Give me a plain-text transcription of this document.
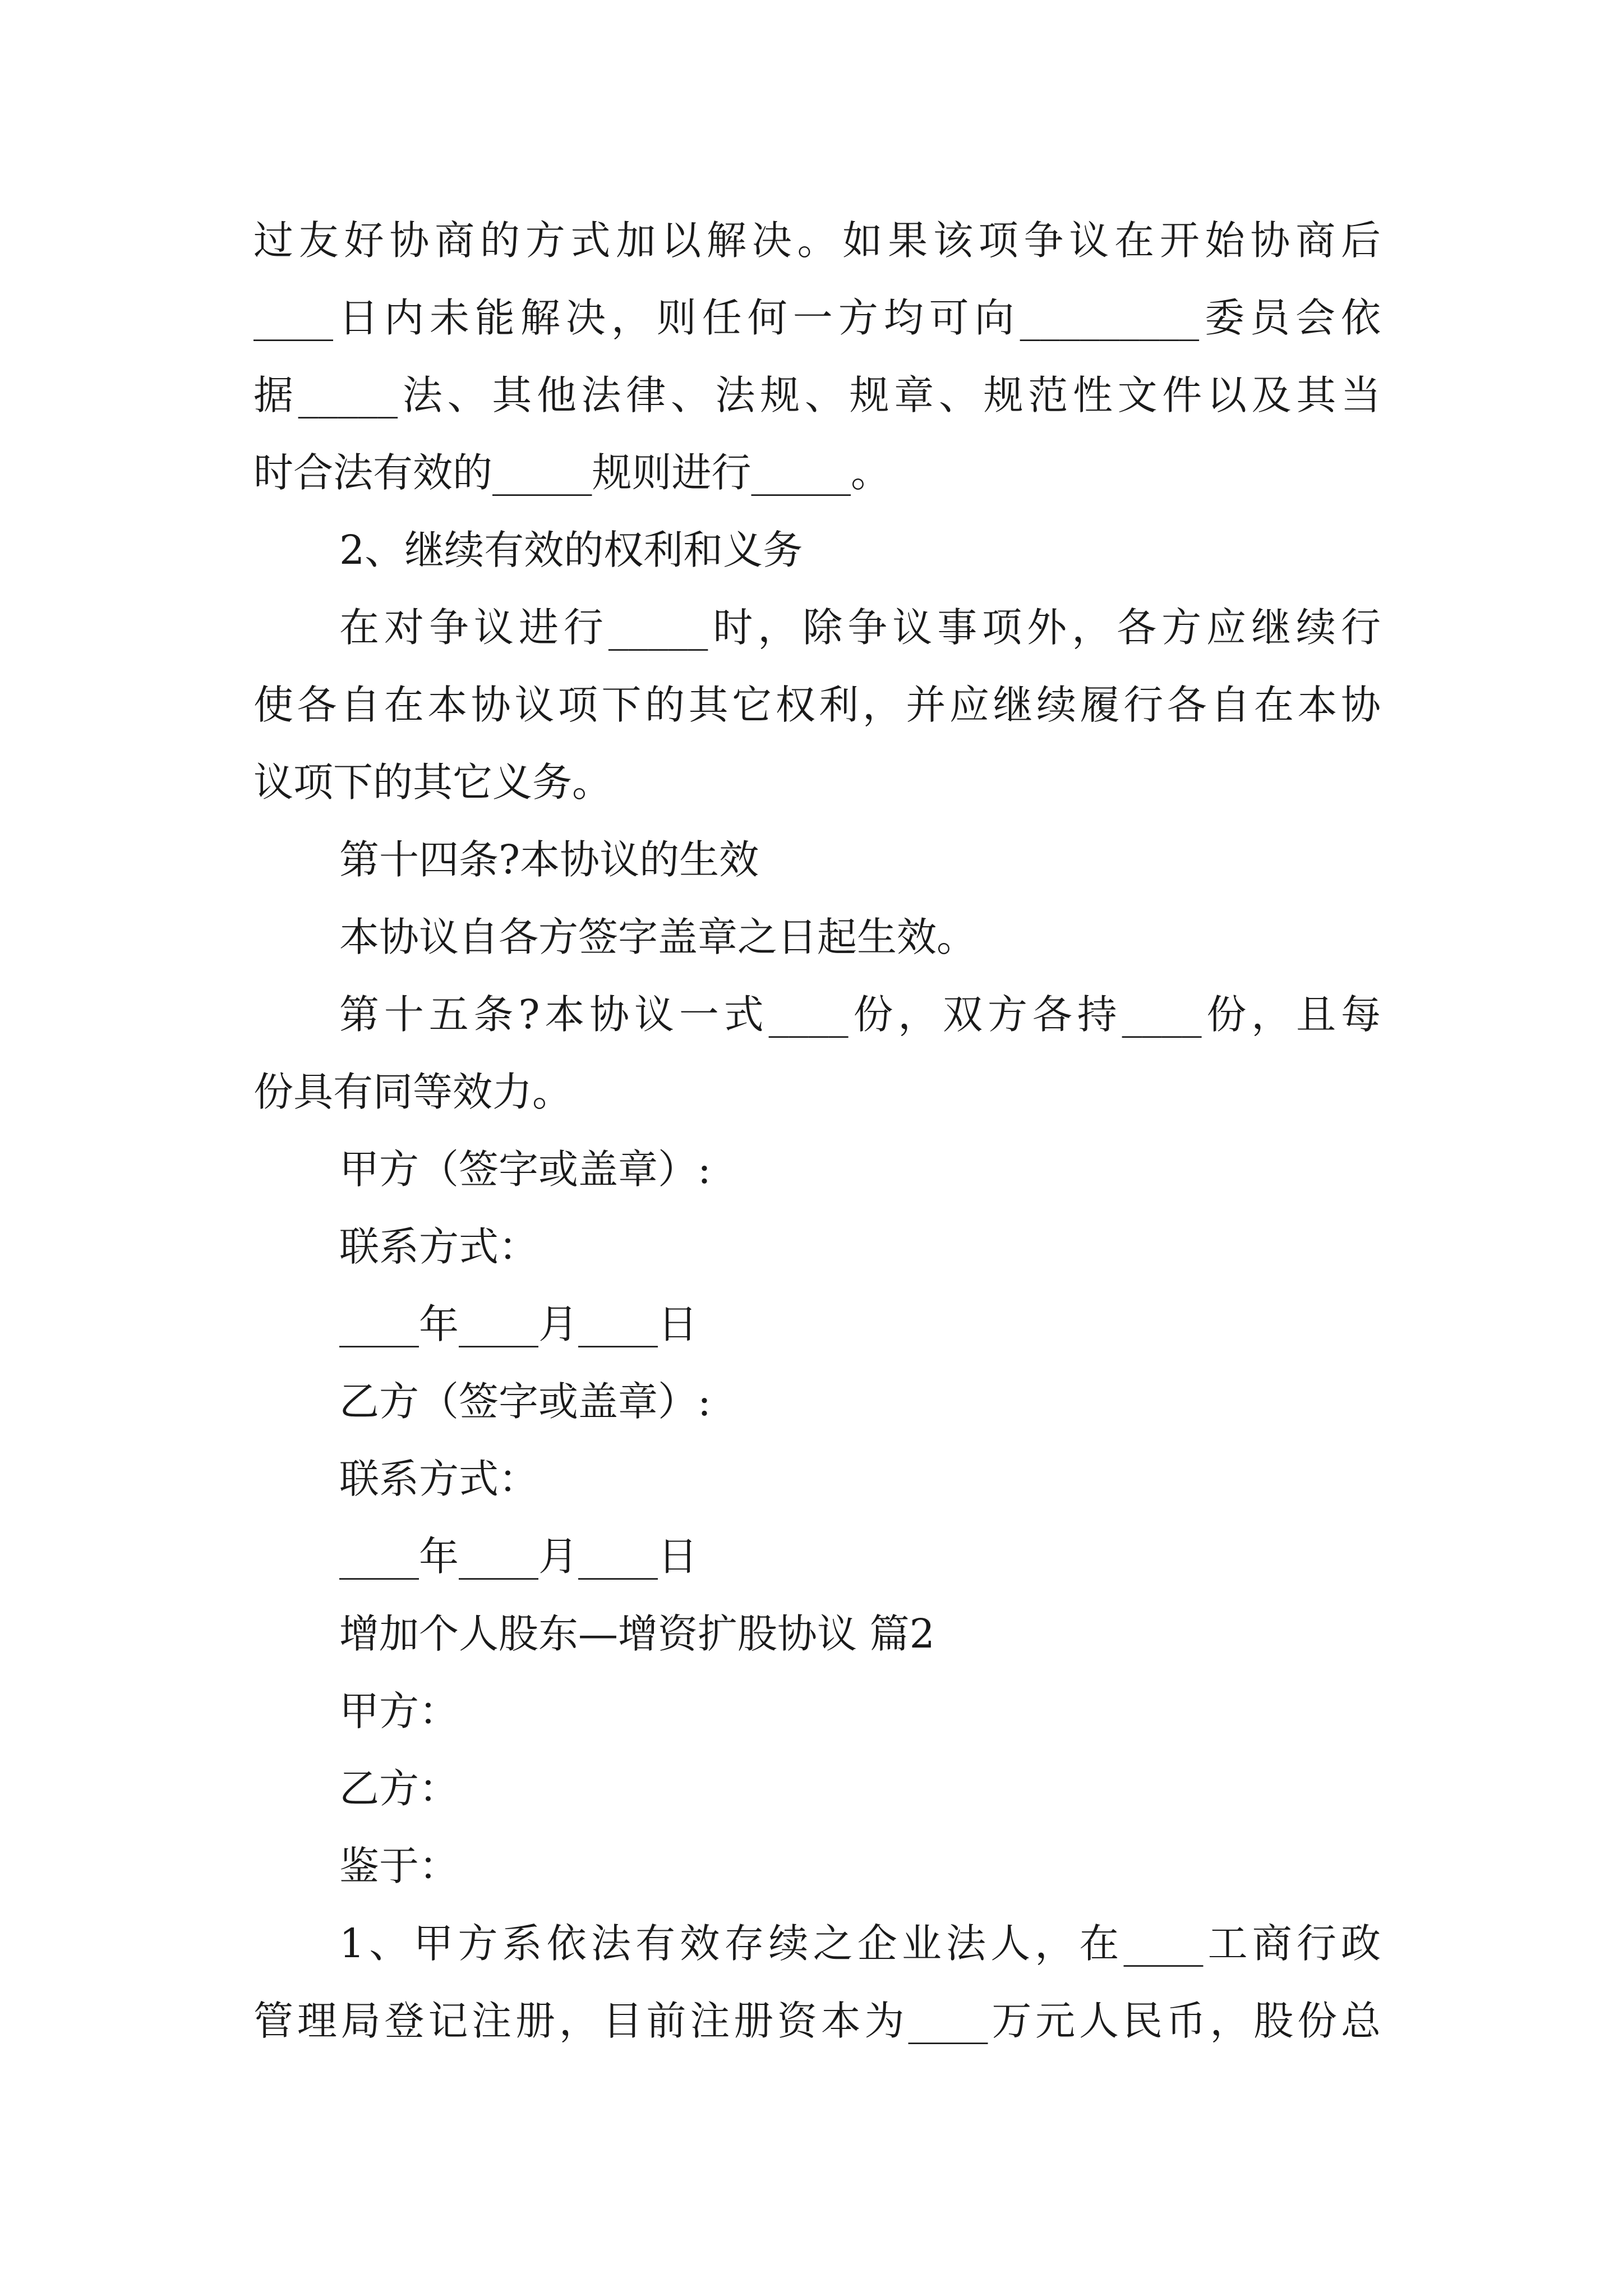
过友好协商的方式加以解决。如果该项争议在开始协商后
____日内未能解决，则任何一方均可向_________委员会依
据_____法、其他法律、法规、规章、规范性文件以及其当
时合法有效的_____规则进行_____。
2、继续有效的权利和义务
在对争议进行_____时，除争议事项外，各方应继续行
使各自在本协议项下的其它权利，并应继续履行各自在本协
议项下的其它义务。
第十四条?本协议的生效
本协议自各方签字盖章之日起生效。
第十五条?本协议一式____份，双方各持____份，且每
份具有同等效力。
甲方（签字或盖章）:
联系方式：
____年____月____日
乙方（签字或盖章）:
联系方式：
____年____月____日
增加个人股东—增资扩股协议 篇2
甲方：
乙方：
鉴于：
1、甲方系依法有效存续之企业法人，在____工商行政
管理局登记注册，目前注册资本为____万元人民币，股份总
